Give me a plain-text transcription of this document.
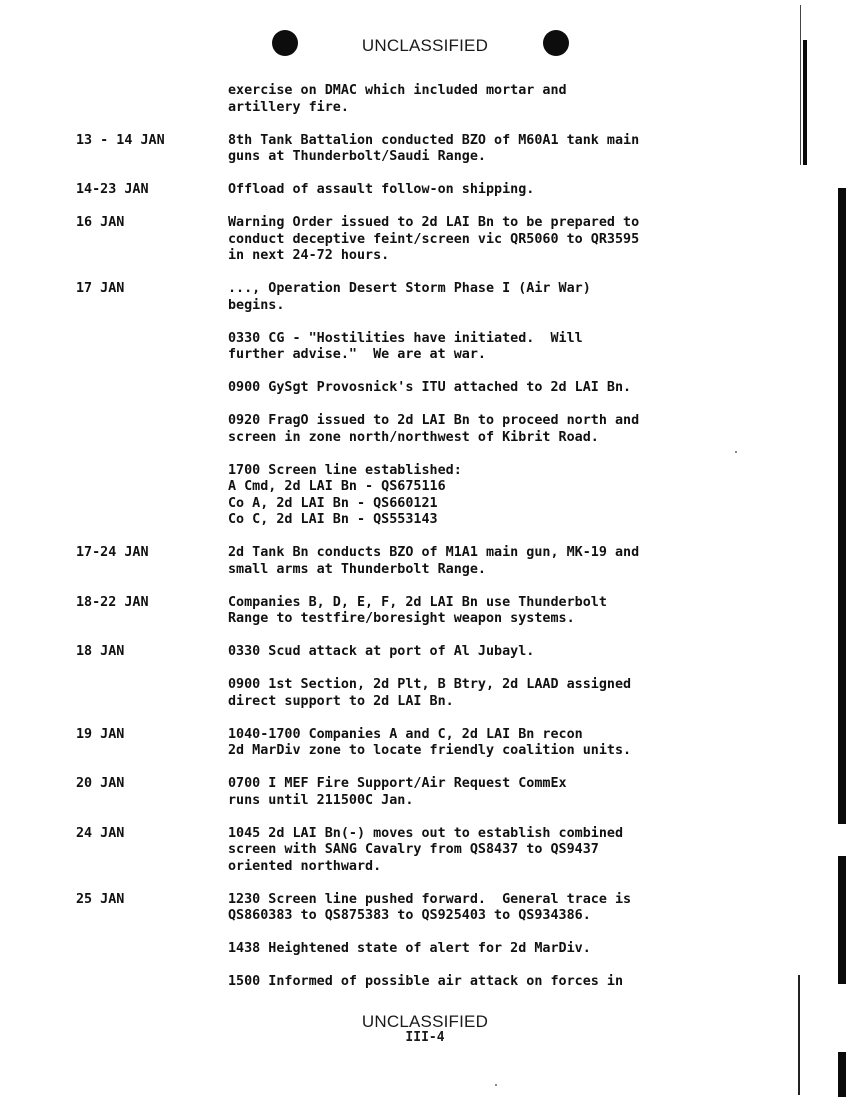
UNCLASSIFIED
exercise on DMAC which included mortar and
artillery fire.
13 - 14 JAN	8th Tank Battalion conducted BZO of M60A1 tank main
guns at Thunderbolt/Saudi Range.
14-23 JAN	Offload of assault follow-on shipping.
16 JAN	Warning Order issued to 2d LAI Bn to be prepared to
conduct deceptive feint/screen vic QR5060 to QR3595
in next 24-72 hours.
17 JAN	..., Operation Desert Storm Phase I (Air War)
begins.
0330 CG - "Hostilities have initiated.  Will
further advise."  We are at war.
0900 GySgt Provosnick's ITU attached to 2d LAI Bn.
0920 FragO issued to 2d LAI Bn to proceed north and
screen in zone north/northwest of Kibrit Road.
1700 Screen line established:
A Cmd, 2d LAI Bn - QS675116
Co A, 2d LAI Bn - QS660121
Co C, 2d LAI Bn - QS553143
17-24 JAN	2d Tank Bn conducts BZO of M1A1 main gun, MK-19 and
small arms at Thunderbolt Range.
18-22 JAN	Companies B, D, E, F, 2d LAI Bn use Thunderbolt
Range to testfire/boresight weapon systems.
18 JAN	0330 Scud attack at port of Al Jubayl.
0900 1st Section, 2d Plt, B Btry, 2d LAAD assigned
direct support to 2d LAI Bn.
19 JAN	1040-1700 Companies A and C, 2d LAI Bn recon
2d MarDiv zone to locate friendly coalition units.
20 JAN	0700 I MEF Fire Support/Air Request CommEx
runs until 211500C Jan.
24 JAN	1045 2d LAI Bn(-) moves out to establish combined
screen with SANG Cavalry from QS8437 to QS9437
oriented northward.
25 JAN	1230 Screen line pushed forward.  General trace is
QS860383 to QS875383 to QS925403 to QS934386.
1438 Heightened state of alert for 2d MarDiv.
1500 Informed of possible air attack on forces in
UNCLASSIFIED
III-4
